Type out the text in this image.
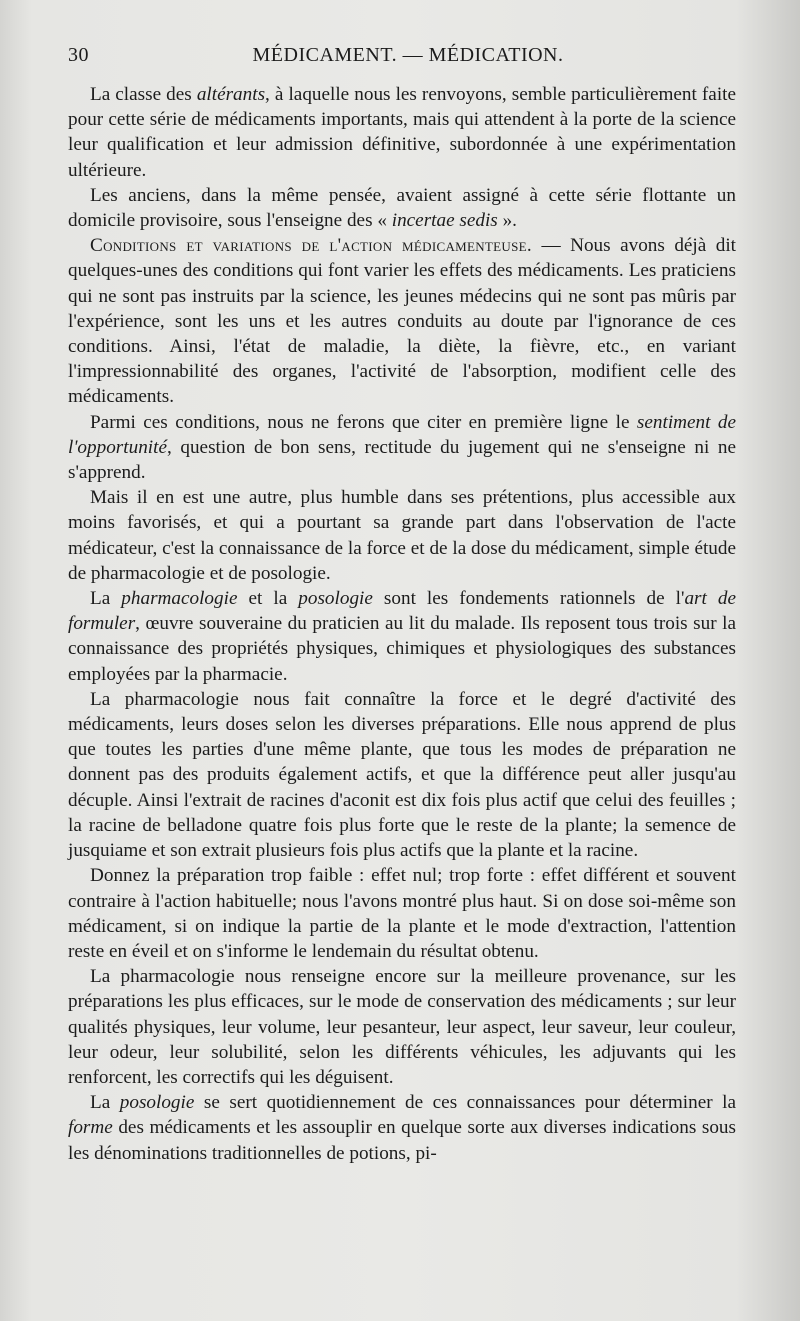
30	MÉDICAMENT. — MÉDICATION.

La classe des altérants, à laquelle nous les renvoyons, semble particulièrement faite pour cette série de médicaments importants, mais qui attendent à la porte de la science leur qualification et leur admission définitive, subordonnée à une expérimentation ultérieure.

Les anciens, dans la même pensée, avaient assigné à cette série flottante un domicile provisoire, sous l'enseigne des « incertae sedis ».

Conditions et variations de l'action médicamenteuse. — Nous avons déjà dit quelques-unes des conditions qui font varier les effets des médicaments. Les praticiens qui ne sont pas instruits par la science, les jeunes médecins qui ne sont pas mûris par l'expérience, sont les uns et les autres conduits au doute par l'ignorance de ces conditions. Ainsi, l'état de maladie, la diète, la fièvre, etc., en variant l'impressionnabilité des organes, l'activité de l'absorption, modifient celle des médicaments.

Parmi ces conditions, nous ne ferons que citer en première ligne le sentiment de l'opportunité, question de bon sens, rectitude du jugement qui ne s'enseigne ni ne s'apprend.

Mais il en est une autre, plus humble dans ses prétentions, plus accessible aux moins favorisés, et qui a pourtant sa grande part dans l'observation de l'acte médicateur, c'est la connaissance de la force et de la dose du médicament, simple étude de pharmacologie et de posologie.

La pharmacologie et la posologie sont les fondements rationnels de l'art de formuler, œuvre souveraine du praticien au lit du malade. Ils reposent tous trois sur la connaissance des propriétés physiques, chimiques et physiologiques des substances employées par la pharmacie.

La pharmacologie nous fait connaître la force et le degré d'activité des médicaments, leurs doses selon les diverses préparations. Elle nous apprend de plus que toutes les parties d'une même plante, que tous les modes de préparation ne donnent pas des produits également actifs, et que la différence peut aller jusqu'au décuple. Ainsi l'extrait de racines d'aconit est dix fois plus actif que celui des feuilles ; la racine de belladone quatre fois plus forte que le reste de la plante; la semence de jusquiame et son extrait plusieurs fois plus actifs que la plante et la racine.

Donnez la préparation trop faible : effet nul; trop forte : effet différent et souvent contraire à l'action habituelle; nous l'avons montré plus haut. Si on dose soi-même son médicament, si on indique la partie de la plante et le mode d'extraction, l'attention reste en éveil et on s'informe le lendemain du résultat obtenu.

La pharmacologie nous renseigne encore sur la meilleure provenance, sur les préparations les plus efficaces, sur le mode de conservation des médicaments ; sur leur qualités physiques, leur volume, leur pesanteur, leur aspect, leur saveur, leur couleur, leur odeur, leur solubilité, selon les différents véhicules, les adjuvants qui les renforcent, les correctifs qui les déguisent.

La posologie se sert quotidiennement de ces connaissances pour déterminer la forme des médicaments et les assouplir en quelque sorte aux diverses indications sous les dénominations traditionnelles de potions, pi-
